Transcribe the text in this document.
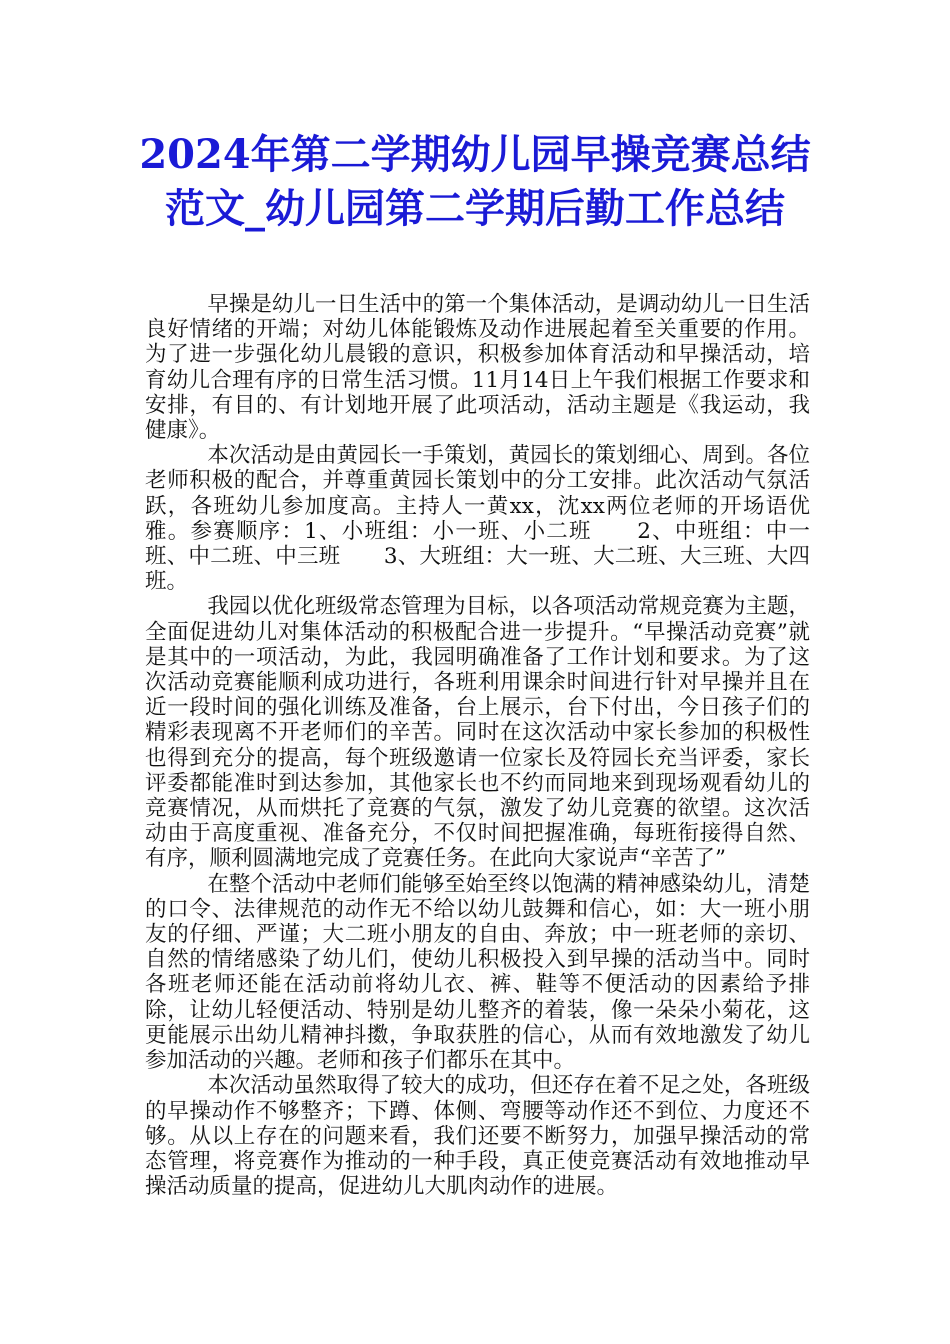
2024年第二学期幼儿园早操竞赛总结范文_幼儿园第二学期后勤工作总结

早操是幼儿一日生活中的第一个集体活动，是调动幼儿一日生活良好情绪的开端；对幼儿体能锻炼及动作进展起着至关重要的作用。为了进一步强化幼儿晨锻的意识，积极参加体育活动和早操活动，培育幼儿合理有序的日常生活习惯。11月14日上午我们根据工作要求和安排，有目的、有计划地开展了此项活动，活动主题是《我运动，我健康》。

本次活动是由黄园长一手策划，黄园长的策划细心、周到。各位老师积极的配合，并尊重黄园长策划中的分工安排。此次活动气氛活跃，各班幼儿参加度高。主持人一黄xx，沈xx两位老师的开场语优雅。参赛顺序：1、小班组：小一班、小二班　　2、中班组：中一班、中二班、中三班　　3、大班组：大一班、大二班、大三班、大四班。

我园以优化班级常态管理为目标，以各项活动常规竞赛为主题，全面促进幼儿对集体活动的积极配合进一步提升。“早操活动竞赛”就是其中的一项活动，为此，我园明确准备了工作计划和要求。为了这次活动竞赛能顺利成功进行，各班利用课余时间进行针对早操并且在近一段时间的强化训练及准备，台上展示，台下付出，今日孩子们的精彩表现离不开老师们的辛苦。同时在这次活动中家长参加的积极性也得到充分的提高，每个班级邀请一位家长及符园长充当评委，家长评委都能准时到达参加，其他家长也不约而同地来到现场观看幼儿的竞赛情况，从而烘托了竞赛的气氛，激发了幼儿竞赛的欲望。这次活动由于高度重视、准备充分，不仅时间把握准确，每班衔接得自然、有序，顺利圆满地完成了竞赛任务。在此向大家说声“辛苦了”

在整个活动中老师们能够至始至终以饱满的精神感染幼儿，清楚的口令、法律规范的动作无不给以幼儿鼓舞和信心，如：大一班小朋友的仔细、严谨；大二班小朋友的自由、奔放；中一班老师的亲切、自然的情绪感染了幼儿们，使幼儿积极投入到早操的活动当中。同时各班老师还能在活动前将幼儿衣、裤、鞋等不便活动的因素给予排除，让幼儿轻便活动、特别是幼儿整齐的着装，像一朵朵小菊花，这更能展示出幼儿精神抖擞，争取获胜的信心，从而有效地激发了幼儿参加活动的兴趣。老师和孩子们都乐在其中。

本次活动虽然取得了较大的成功，但还存在着不足之处，各班级的早操动作不够整齐；下蹲、体侧、弯腰等动作还不到位、力度还不够。从以上存在的问题来看，我们还要不断努力，加强早操活动的常态管理，将竞赛作为推动的一种手段，真正使竞赛活动有效地推动早操活动质量的提高，促进幼儿大肌肉动作的进展。
